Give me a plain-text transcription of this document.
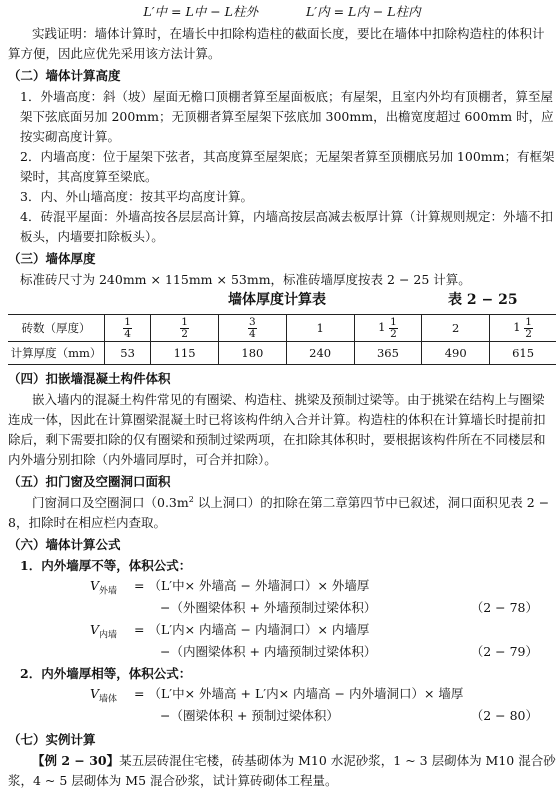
L′中 = L中 − L柱外	L′内 = L内 − L柱内

实践证明：墙体计算时，在墙长中扣除构造柱的截面长度，要比在墙体中扣除构造柱的体积计算方便，因此应优先采用该方法计算。

（二）墙体计算高度

1．外墙高度：斜（坡）屋面无檐口顶棚者算至屋面板底；有屋架，且室内外均有顶棚者，算至屋架下弦底面另加 200mm；无顶棚者算至屋架下弦底加 300mm，出檐宽度超过 600mm 时，应按实砌高度计算。

2．内墙高度：位于屋架下弦者，其高度算至屋架底；无屋架者算至顶棚底另加 100mm；有框架梁时，其高度算至梁底。

3．内、外山墙高度：按其平均高度计算。

4．砖混平屋面：外墙高按各层层高计算，内墙高按层高减去板厚计算（计算规则规定：外墙不扣板头，内墙要扣除板头）。

（三）墙体厚度

标准砖尺寸为 240mm × 115mm × 53mm，标准砖墙厚度按表 2 − 25 计算。

墙体厚度计算表	表 2 − 25
砖数（厚度）	$\frac{1}{4}$	$\frac{1}{2}$	$\frac{3}{4}$	1	$1 \frac{1}{2}$	2	$1 \frac{1}{2}$

计算厚度（mm）	53	115	180	240	365	490	615

（四）扣嵌墙混凝土构件体积

嵌入墙内的混凝土构件常见的有圈梁、构造柱、挑梁及预制过梁等。由于挑梁在结构上与圈梁连成一体，因此在计算圈梁混凝土时已将该构件纳入合并计算。构造柱的体积在计算墙长时提前扣除后，剩下需要扣除的仅有圈梁和预制过梁两项，在扣除其体积时，要根据该构件所在不同楼层和内外墙分别扣除（内外墙同厚时，可合并扣除）。

（五）扣门窗及空圈洞口面积

门窗洞口及空圈洞口（$0.3m^2$ 以上洞口）的扣除在第二章第四节中已叙述，洞口面积见表 2 − 8，扣除时在相应栏内查取。

（六）墙体计算公式

1．内外墙厚不等，体积公式：

$V_{外墙} = (L'$中× 外墙高 − 外墙洞口）× 外墙厚
−（外圈梁体积 + 外墙预制过梁体积）	（2 − 78）
$V_{内墙} = (L'$内× 内墙高 − 内墙洞口）× 内墙厚
−（内圈梁体积 + 内墙预制过梁体积）	（2 − 79）

2．内外墙厚相等，体积公式：

$V_{墙体} = (L'$中× 外墙高 + L′内× 内墙高 − 内外墙洞口）× 墙厚
−（圈梁体积 + 预制过梁体积）	（2 − 80）

（七）实例计算

【例 2 − 30】某五层砖混住宅楼，砖基砌体为 M10 水泥砂浆，1 ~ 3 层砌体为 M10 混合砂浆，4 ~ 5 层砌体为 M5 混合砂浆，试计算砖砌体工程量。
